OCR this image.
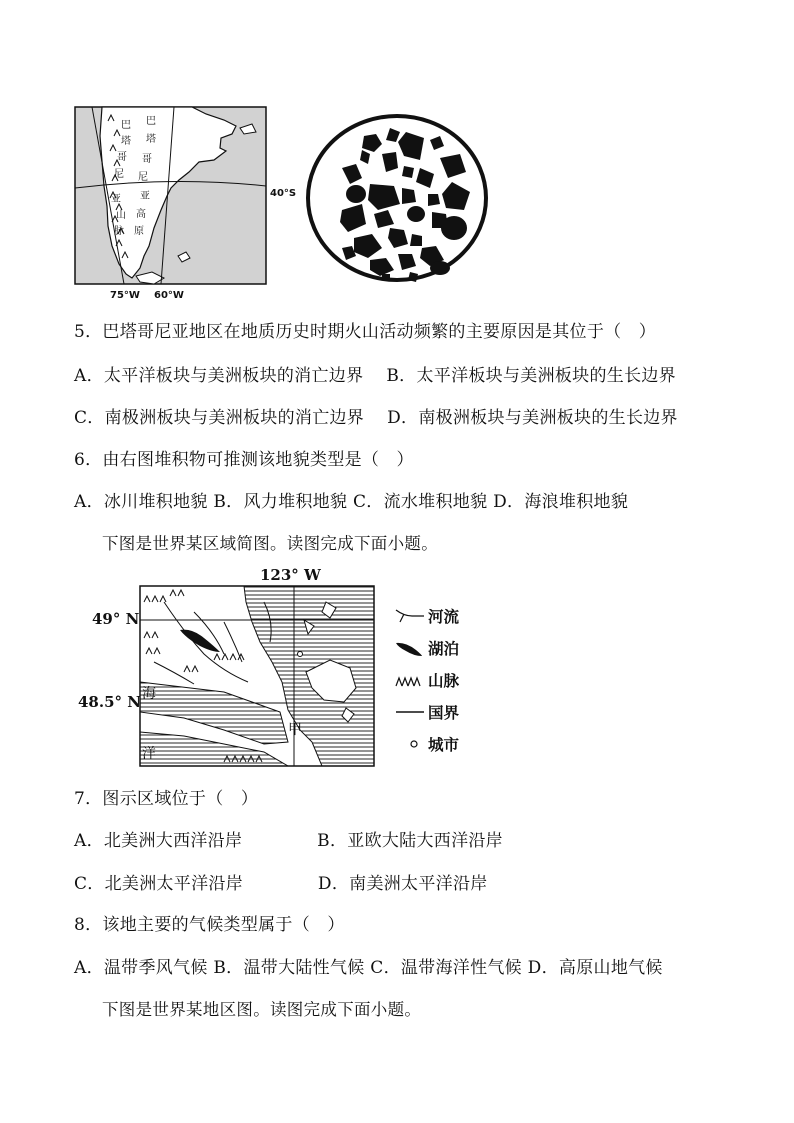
巴
塔
哥
尼
亚
高
原
巴
塔
哥
尼
亚
山
脉
40°S
75°W 60°W
5．巴塔哥尼亚地区在地质历史时期火山活动频繁的主要原因是其位于（　）
A．太平洋板块与美洲板块的消亡边界　 B．太平洋板块与美洲板块的生长边界
C．南极洲板块与美洲板块的消亡边界　 D．南极洲板块与美洲板块的生长边界
6．由右图堆积物可推测该地貌类型是（　）
A．冰川堆积地貌 B．风力堆积地貌 C．流水堆积地貌 D．海浪堆积地貌
下图是世界某区域简图。读图完成下面小题。
123° W
49° N
48.5° N 海
洋
甲
河流
湖泊
山脉
国界
城市
7．图示区域位于（　）
A．北美洲大西洋沿岸　　　　 B．亚欧大陆大西洋沿岸
C．北美洲太平洋沿岸　　　　 D．南美洲太平洋沿岸
8．该地主要的气候类型属于（　）
A．温带季风气候 B．温带大陆性气候 C．温带海洋性气候 D．高原山地气候
下图是世界某地区图。读图完成下面小题。
